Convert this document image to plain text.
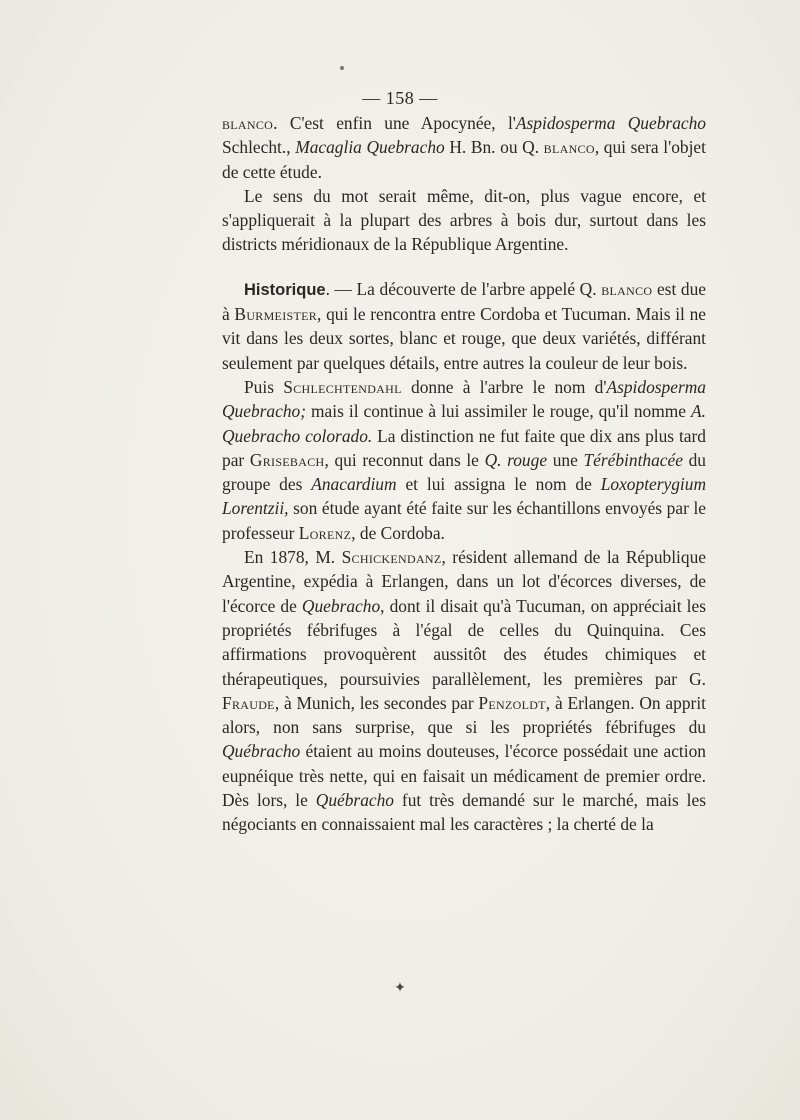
— 158 —

blanco. C'est enfin une Apocynée, l'Aspidosperma Quebracho Schlecht., Macaglia Quebracho H. Bn. ou Q. blanco, qui sera l'objet de cette étude.

Le sens du mot serait même, dit-on, plus vague encore, et s'appliquerait à la plupart des arbres à bois dur, surtout dans les districts méridionaux de la République Argentine.

Historique. — La découverte de l'arbre appelé Q. blanco est due à Burmeister, qui le rencontra entre Cordoba et Tucuman. Mais il ne vit dans les deux sortes, blanc et rouge, que deux variétés, différant seulement par quelques détails, entre autres la couleur de leur bois.

Puis Schlechtendahl donne à l'arbre le nom d'Aspidosperma Quebracho; mais il continue à lui assimiler le rouge, qu'il nomme A. Quebracho colorado. La distinction ne fut faite que dix ans plus tard par Grisebach, qui reconnut dans le Q. rouge une Térébinthacée du groupe des Anacardium et lui assigna le nom de Loxopterygium Lorentzii, son étude ayant été faite sur les échantillons envoyés par le professeur Lorenz, de Cordoba.

En 1878, M. Schickendanz, résident allemand de la République Argentine, expédia à Erlangen, dans un lot d'écorces diverses, de l'écorce de Quebracho, dont il disait qu'à Tucuman, on appréciait les propriétés fébrifuges à l'égal de celles du Quinquina. Ces affirmations provoquèrent aussitôt des études chimiques et thérapeutiques, poursuivies parallèlement, les premières par G. Fraude, à Munich, les secondes par Penzoldt, à Erlangen. On apprit alors, non sans surprise, que si les propriétés fébrifuges du Québracho étaient au moins douteuses, l'écorce possédait une action eupnéique très nette, qui en faisait un médicament de premier ordre. Dès lors, le Québracho fut très demandé sur le marché, mais les négociants en connaissaient mal les caractères ; la cherté de la

✦
